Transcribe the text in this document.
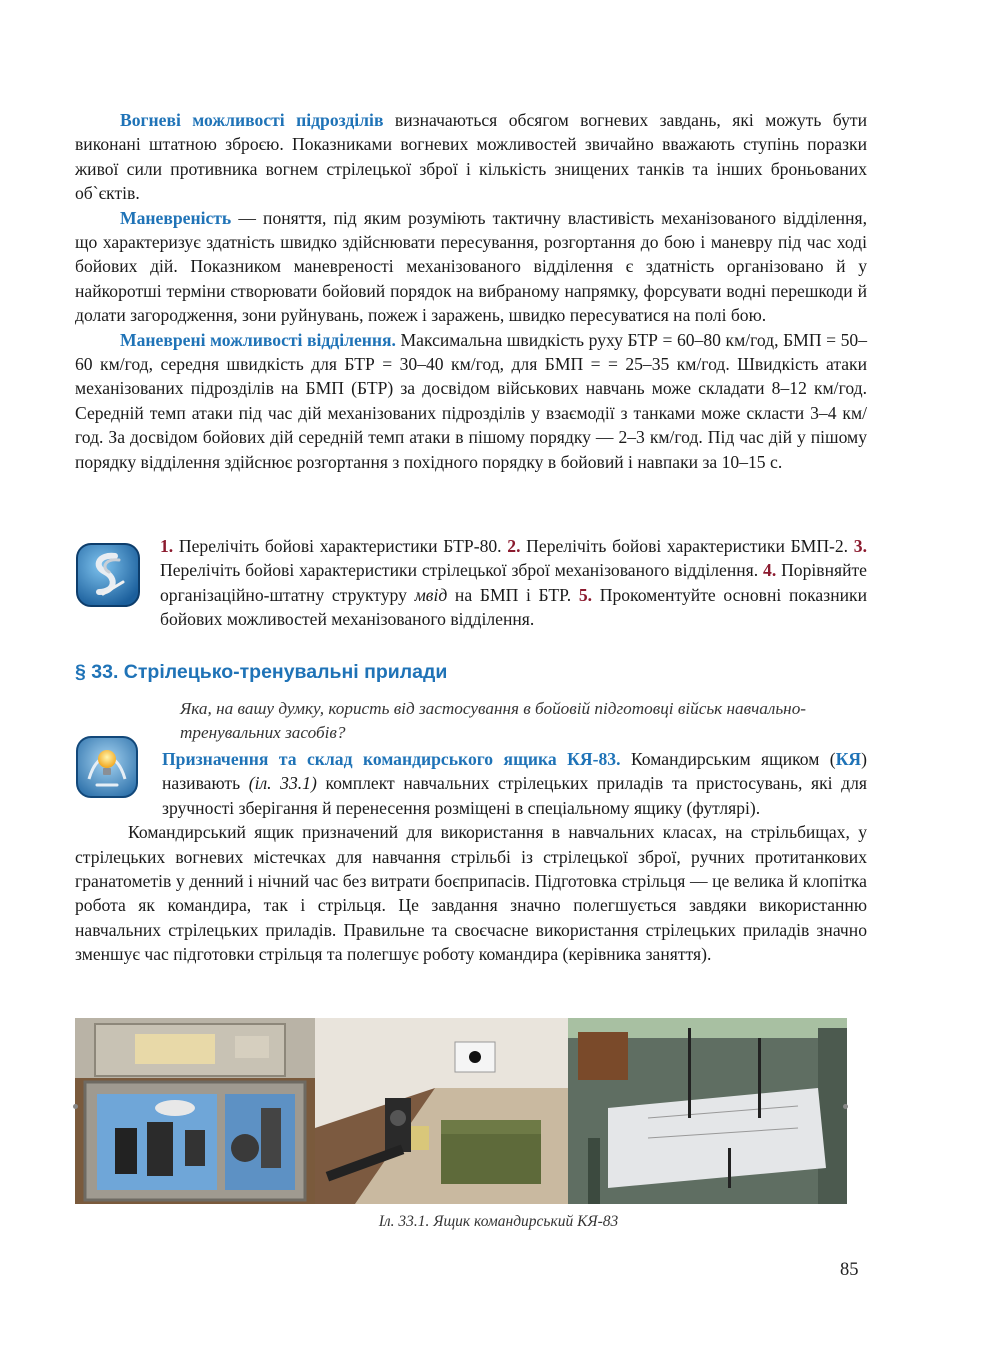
Вогневі можливості підрозділів визначаються обсягом вогневих завдань, які можуть бути виконані штатною зброєю. Показниками вогневих можливостей звичайно вважають ступінь поразки живої сили противника вогнем стрілецької зброї і кількість знищених танків та інших броньованих об`єктів.

Маневреність — поняття, під яким розуміють тактичну властивість механізованого відділення, що характеризує здатність швидко здійснювати пересування, розгортання до бою і маневру під час ході бойових дій. Показником маневреності механізованого відділення є здатність організовано й у найкоротші терміни створювати бойовий порядок на вибраному напрямку, форсувати водні перешкоди й долати загородження, зони руйнувань, пожеж і заражень, швидко пересуватися на полі бою.

Маневрені можливості відділення. Максимальна швидкість руху БТР = 60–80 км/год, БМП = 50–60 км/год, середня швидкість для БТР = 30–40 км/год, для БМП = = 25–35 км/год. Швидкість атаки механізованих підрозділів на БМП (БТР) за досвідом військових навчань може складати 8–12 км/год. Середній темп атаки під час дій механізованих підрозділів у взаємодії з танками може скласти 3–4 км/год. За досвідом бойових дій середній темп атаки в пішому порядку — 2–3 км/год. Під час дій у пішому порядку відділення здійснює розгортання з похідного порядку в бойовий і навпаки за 10–15 с.

1. Перелічіть бойові характеристики БТР-80. 2. Перелічіть бойові характеристики БМП-2. 3. Перелічіть бойові характеристики стрілецької зброї механізованого відділення. 4. Порівняйте організаційно-штатну структуру мвід на БМП і БТР. 5. Прокоментуйте основні показники бойових можливостей механізованого відділення.
§ 33. Стрілецько-тренувальні прилади
Яка, на вашу думку, користь від застосування в бойовій підготовці військ навчально-тренувальних засобів?

Призначення та склад командирського ящика КЯ-83. Командирським ящиком (КЯ) називають (іл. 33.1) комплект навчальних стрілецьких приладів та пристосувань, які для зручності зберігання й перенесення розміщені в спеціальному ящику (футлярі).

Командирський ящик призначений для використання в навчальних класах, на стрільбищах, у стрілецьких вогневих містечках для навчання стрільбі із стрілецької зброї, ручних протитанкових гранатометів у денний і нічний час без витрати боєприпасів. Підготовка стрільця — це велика й клопітка робота як командира, так і стрільця. Це завдання значно полегшується завдяки використанню навчальних стрілецьких приладів. Правильне та своєчасне використання стрілецьких приладів значно зменшує час підготовки стрільця та полегшує роботу командира (керівника заняття).

Іл. 33.1. Ящик командирський КЯ-83
85
